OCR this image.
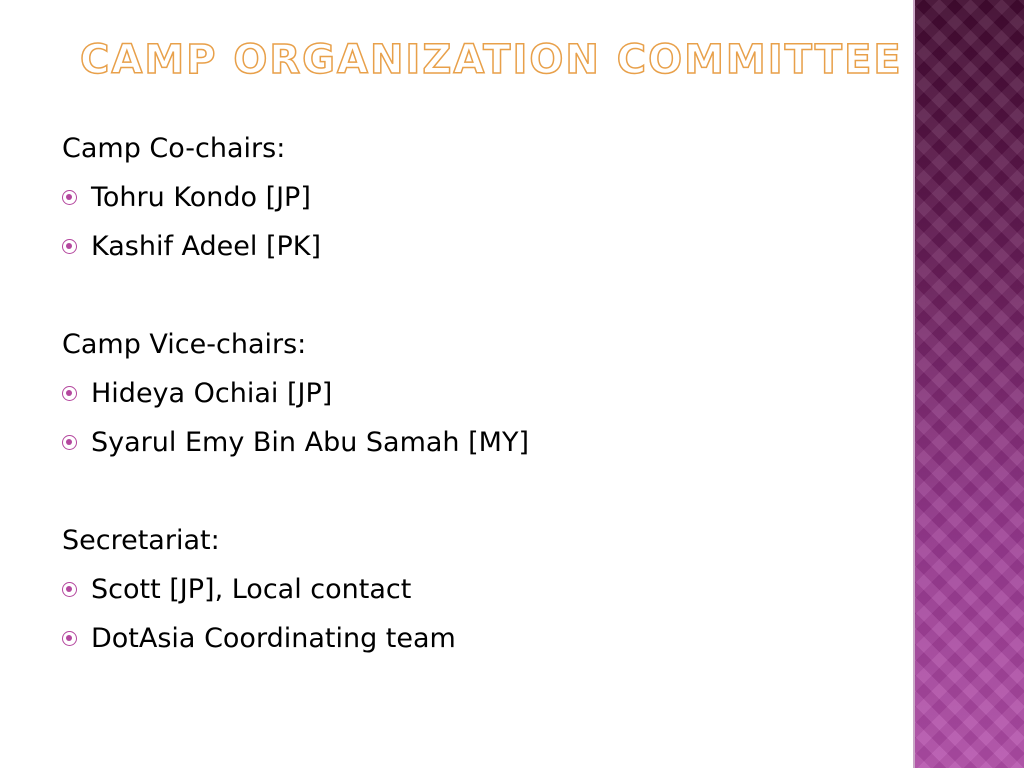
CAMP ORGANIZATION COMMITTEE
Camp Co-chairs:
Tohru Kondo [JP]
Kashif Adeel [PK]
Camp Vice-chairs:
Hideya Ochiai [JP]
Syarul Emy Bin Abu Samah [MY]
Secretariat:
Scott [JP], Local contact
DotAsia Coordinating team
